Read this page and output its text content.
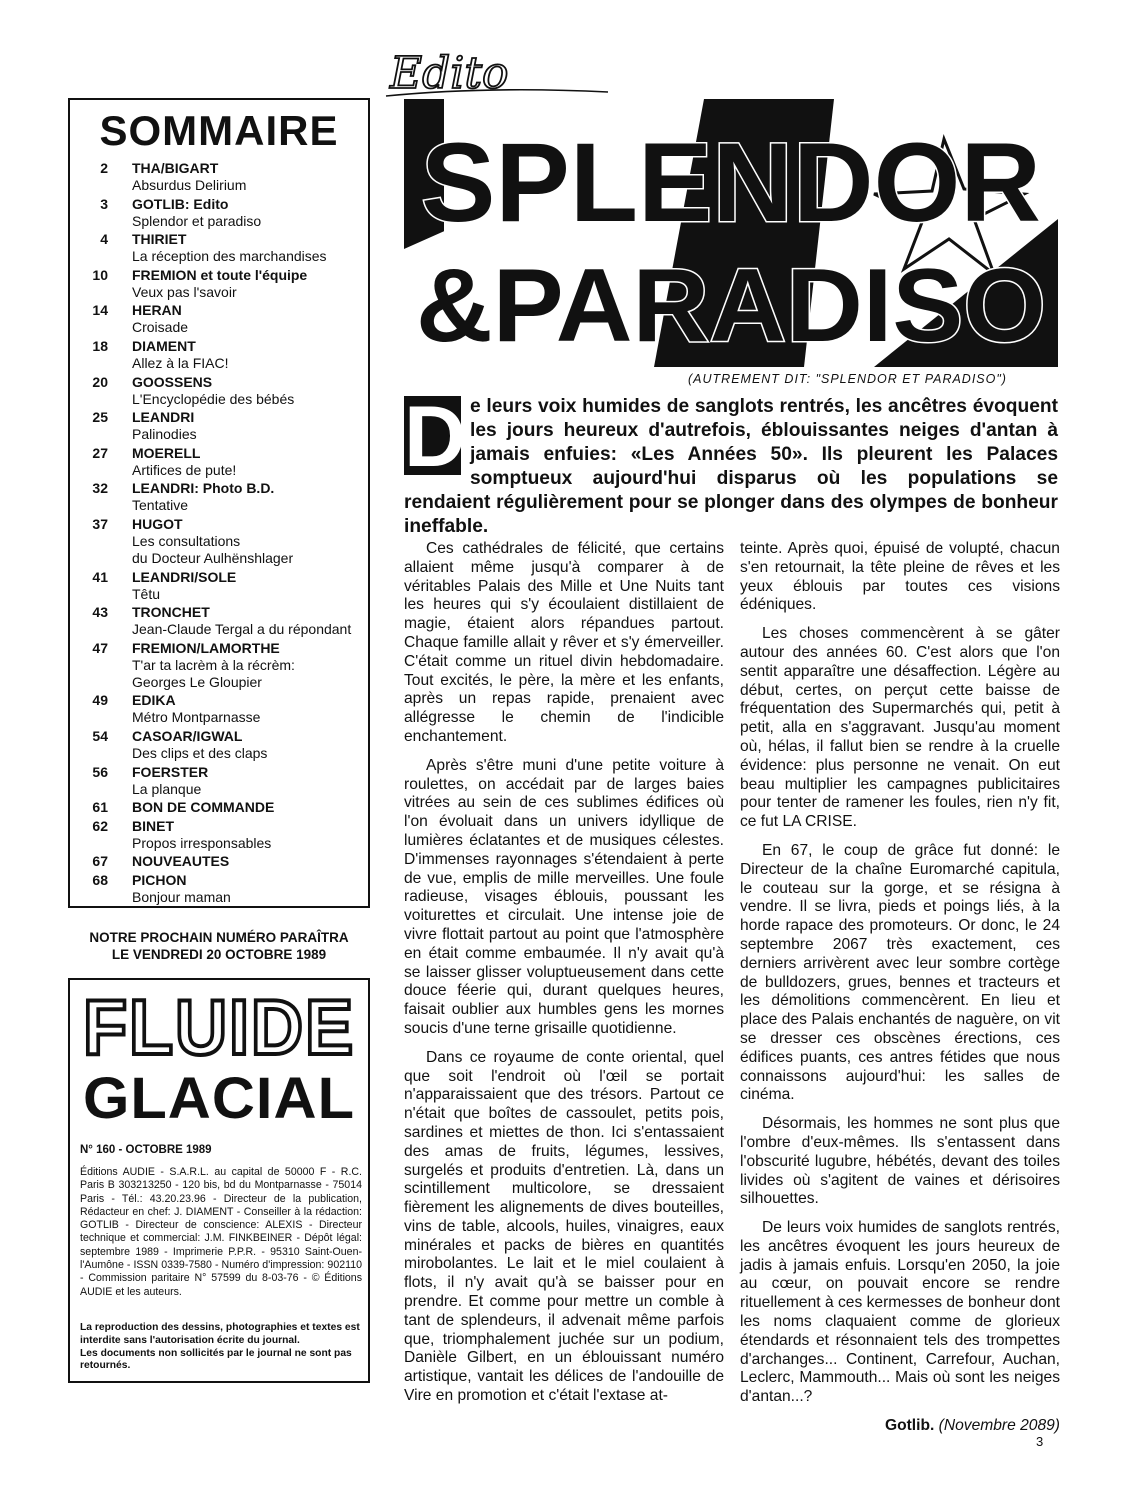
SOMMAIRE
2 THA/BIGART
Absurdus Delirium
3 GOTLIB: Edito
Splendor et paradiso
4 THIRIET
La réception des marchandises
10 FREMION et toute l'équipe
Veux pas l'savoir
14 HERAN
Croisade
18 DIAMENT
Allez à la FIAC!
20 GOOSSENS
L'Encyclopédie des bébés
25 LEANDRI
Palinodies
27 MOERELL
Artifices de pute!
32 LEANDRI: Photo B.D.
Tentative
37 HUGOT
Les consultations
du Docteur Aulhënshlager
41 LEANDRI/SOLE
Têtu
43 TRONCHET
Jean-Claude Tergal a du répondant
47 FREMION/LAMORTHE
T'ar ta lacrèm à la récrèm:
Georges Le Gloupier
49 EDIKA
Métro Montparnasse
54 CASOAR/IGWAL
Des clips et des claps
56 FOERSTER
La planque
61 BON DE COMMANDE
62 BINET
Propos irresponsables
67 NOUVEAUTES
68 PICHON
Bonjour maman
NOTRE PROCHAIN NUMÉRO PARAÎTRA
LE VENDREDI 20 OCTOBRE 1989
FLUIDE
GLACIAL
N° 160 - OCTOBRE 1989
Éditions AUDIE - S.A.R.L. au capital de 50000 F - R.C. Paris B 303213250 - 120 bis, bd du Montparnasse - 75014 Paris - Tél.: 43.20.23.96 - Directeur de la publication, Rédacteur en chef: J. DIAMENT - Conseiller à la rédaction: GOTLIB - Directeur de conscience: ALEXIS - Directeur technique et commercial: J.M. FINKBEINER - Dépôt légal: septembre 1989 - Imprimerie P.P.R. - 95310 Saint-Ouen-l'Aumône - ISSN 0339-7580 - Numéro d'impression: 902110 - Commission paritaire N° 57599 du 8-03-76 - © Éditions AUDIE et les auteurs.
La reproduction des dessins, photographies et textes est interdite sans l'autorisation écrite du journal.
Les documents non sollicités par le journal ne sont pas retournés.
Edito
SPLENDOR
&PARADISO
(AUTREMENT DIT: "SPLENDOR ET PARADISO")
D e leurs voix humides de sanglots rentrés, les ancêtres évoquent les jours heureux d'autrefois, éblouissantes neiges d'antan à jamais enfuies: «Les Années 50». Ils pleurent les Palaces somptueux aujourd'hui disparus où les populations se rendaient régulièrement pour se plonger dans des olympes de bonheur ineffable.

Ces cathédrales de félicité, que certains allaient même jusqu'à comparer à de véritables Palais des Mille et Une Nuits tant les heures qui s'y écoulaient distillaient de magie, étaient alors répandues partout. Chaque famille allait y rêver et s'y émerveiller. C'était comme un rituel divin hebdomadaire. Tout excités, le père, la mère et les enfants, après un repas rapide, prenaient avec allégresse le chemin de l'indicible enchantement.

Après s'être muni d'une petite voiture à roulettes, on accédait par de larges baies vitrées au sein de ces sublimes édifices où l'on évoluait dans un univers idyllique de lumières éclatantes et de musiques célestes. D'immenses rayonnages s'étendaient à perte de vue, emplis de mille merveilles. Une foule radieuse, visages éblouis, poussant les voiturettes et circulait. Une intense joie de vivre flottait partout au point que l'atmosphère en était comme embaumée. Il n'y avait qu'à se laisser glisser voluptueusement dans cette douce féerie qui, durant quelques heures, faisait oublier aux humbles gens les mornes soucis d'une terne grisaille quotidienne.

Dans ce royaume de conte oriental, quel que soit l'endroit où l'œil se portait n'apparaissaient que des trésors. Partout ce n'était que boîtes de cassoulet, petits pois, sardines et miettes de thon. Ici s'entassaient des amas de fruits, légumes, lessives, surgelés et produits d'entretien. Là, dans un scintillement multicolore, se dressaient fièrement les alignements de dives bouteilles, vins de table, alcools, huiles, vinaigres, eaux minérales et packs de bières en quantités mirobolantes. Le lait et le miel coulaient à flots, il n'y avait qu'à se baisser pour en prendre. Et comme pour mettre un comble à tant de splendeurs, il advenait même parfois que, triomphalement juchée sur un podium, Danièle Gilbert, en un éblouissant numéro artistique, vantait les délices de l'andouille de Vire en promotion et c'était l'extase at-

teinte. Après quoi, épuisé de volupté, chacun s'en retournait, la tête pleine de rêves et les yeux éblouis par toutes ces visions édéniques.

Les choses commencèrent à se gâter autour des années 60. C'est alors que l'on sentit apparaître une désaffection. Légère au début, certes, on perçut cette baisse de fréquentation des Supermarchés qui, petit à petit, alla en s'aggravant. Jusqu'au moment où, hélas, il fallut bien se rendre à la cruelle évidence: plus personne ne venait. On eut beau multiplier les campagnes publicitaires pour tenter de ramener les foules, rien n'y fit, ce fut LA CRISE.

En 67, le coup de grâce fut donné: le Directeur de la chaîne Euromarché capitula, le couteau sur la gorge, et se résigna à vendre. Il se livra, pieds et poings liés, à la horde rapace des promoteurs. Or donc, le 24 septembre 2067 très exactement, ces derniers arrivèrent avec leur sombre cortège de bulldozers, grues, bennes et tracteurs et les démolitions commencèrent. En lieu et place des Palais enchantés de naguère, on vit se dresser ces obscènes érections, ces édifices puants, ces antres fétides que nous connaissons aujourd'hui: les salles de cinéma.

Désormais, les hommes ne sont plus que l'ombre d'eux-mêmes. Ils s'entassent dans l'obscurité lugubre, hébétés, devant des toiles livides où s'agitent de vaines et dérisoires silhouettes.

De leurs voix humides de sanglots rentrés, les ancêtres évoquent les jours heureux de jadis à jamais enfuis. Lorsqu'en 2050, la joie au cœur, on pouvait encore se rendre rituellement à ces kermesses de bonheur dont les noms claquaient comme de glorieux étendards et résonnaient tels des trompettes d'archanges... Continent, Carrefour, Auchan, Leclerc, Mammouth... Mais où sont les neiges d'antan...?

Gotlib. (Novembre 2089)

3
